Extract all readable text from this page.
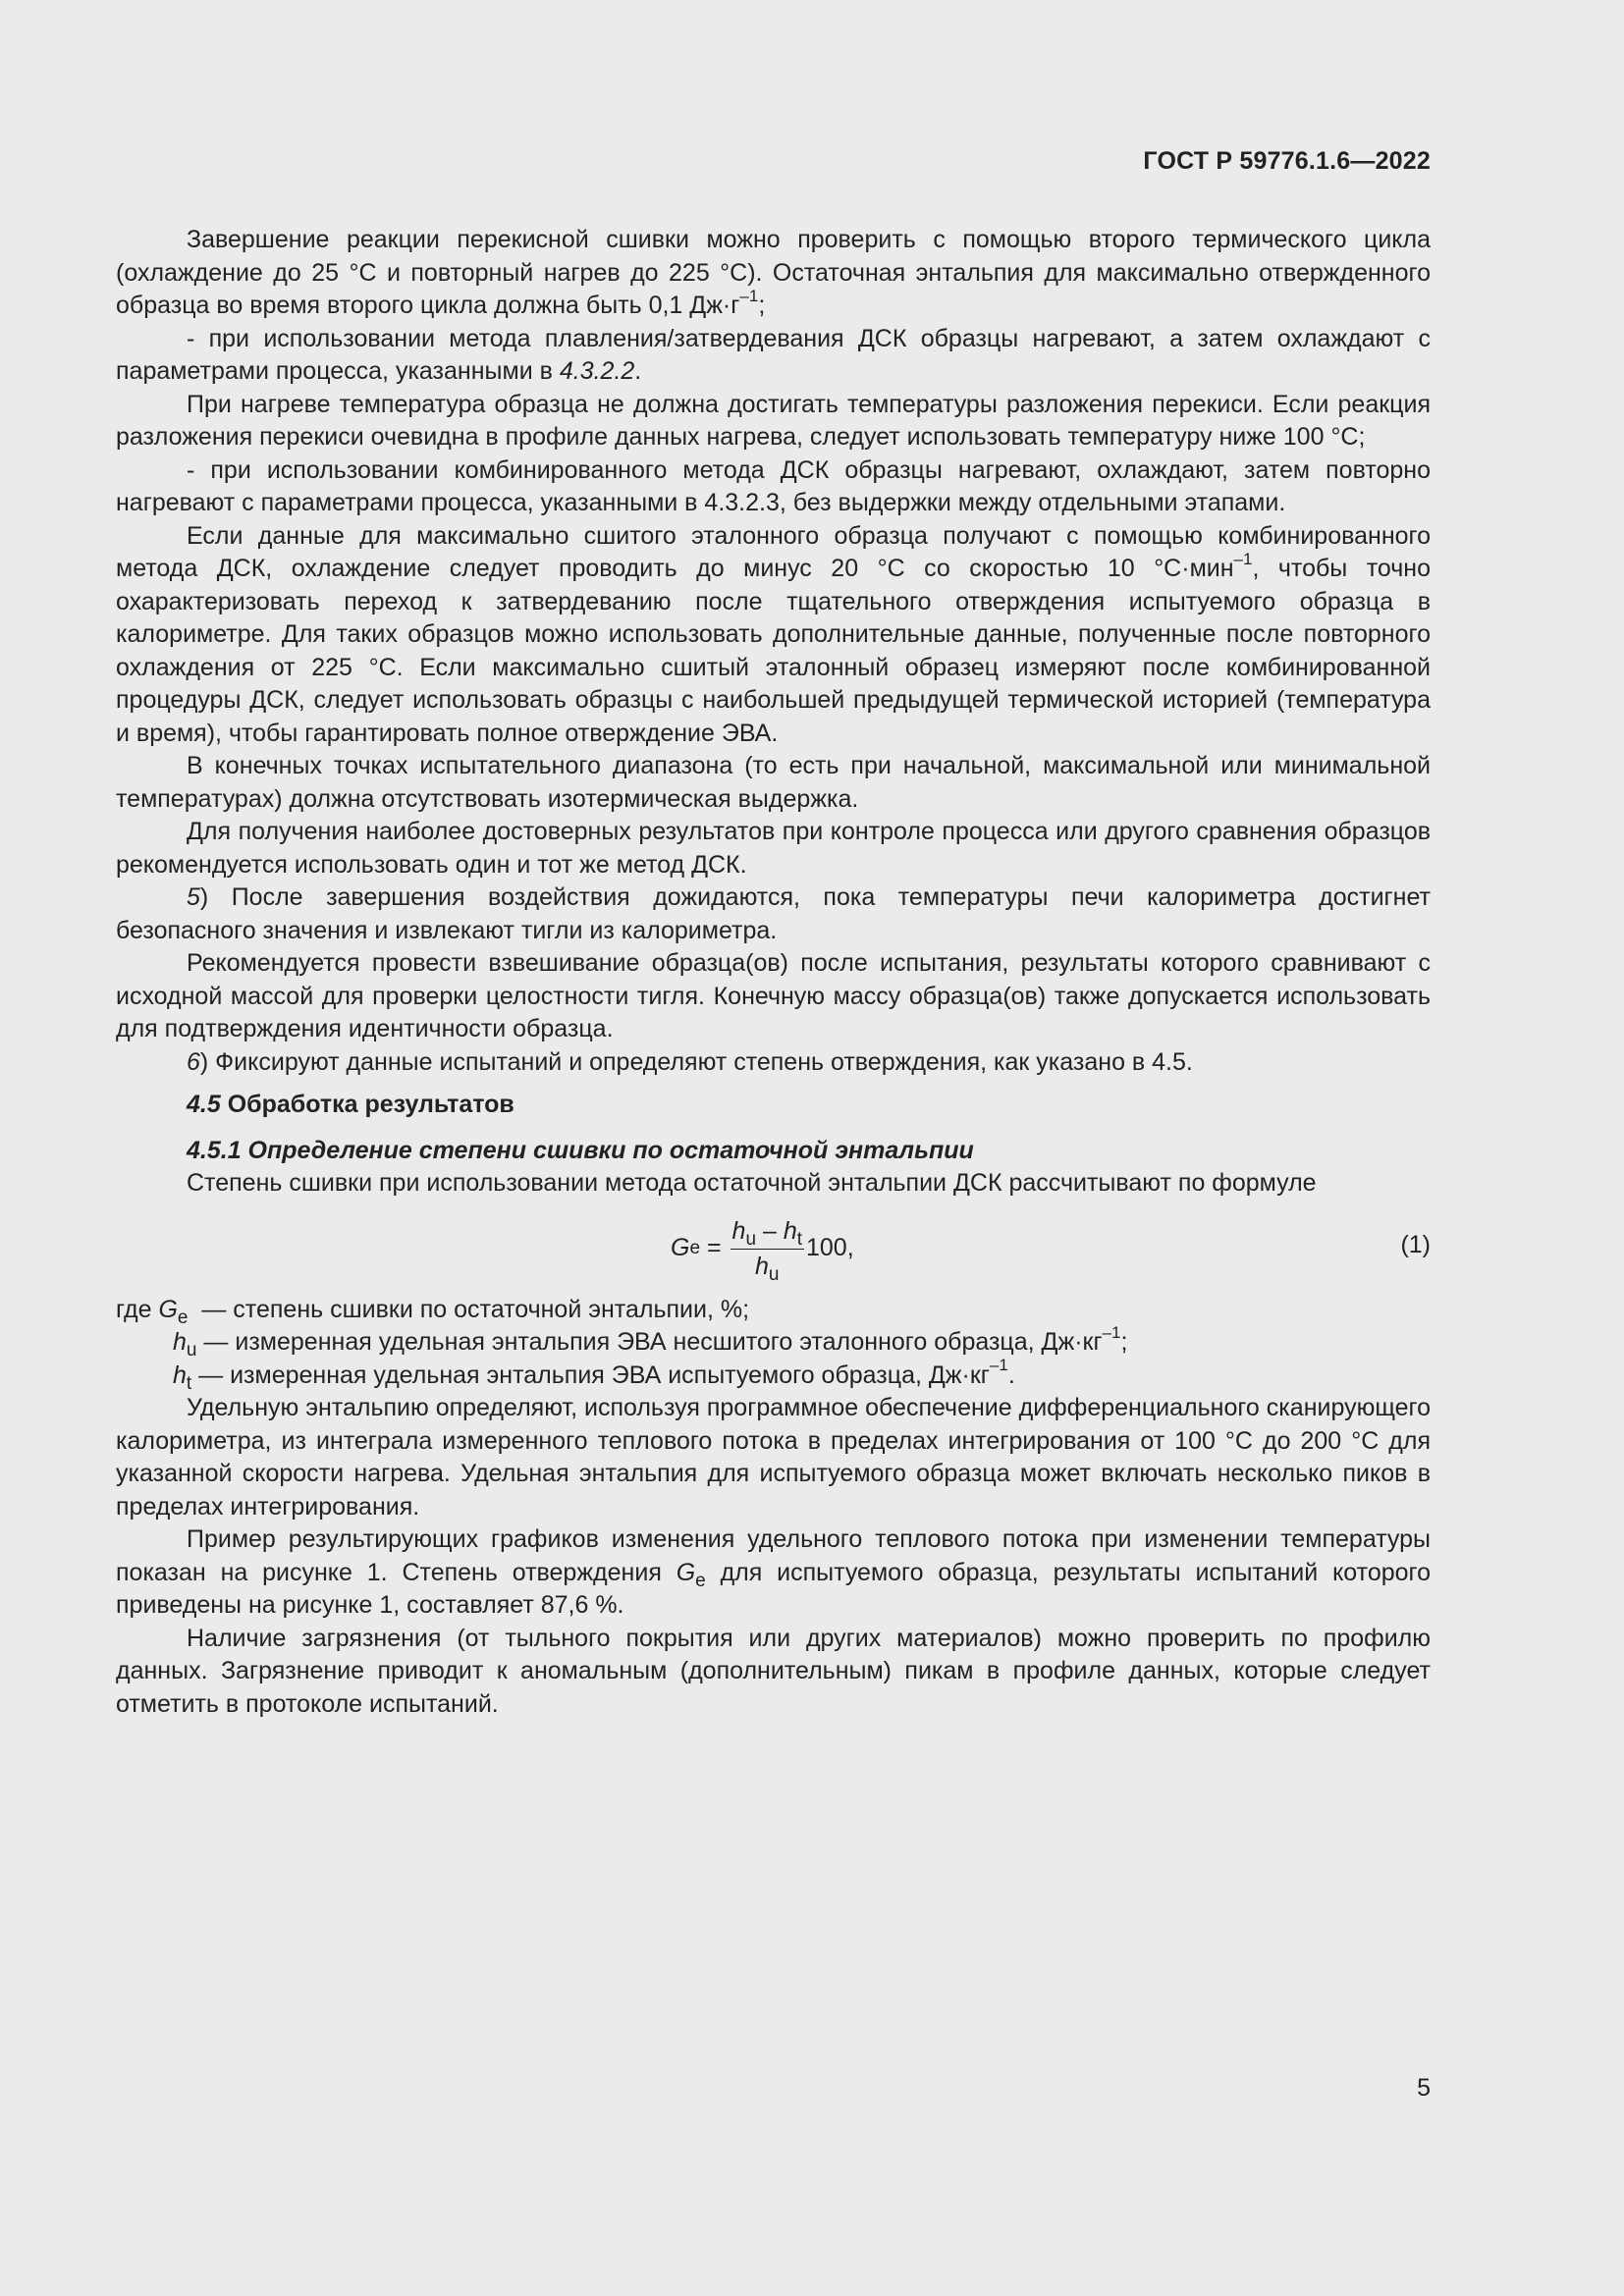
ГОСТ Р 59776.1.6—2022

Завершение реакции перекисной сшивки можно проверить с помощью второго термического цикла (охлаждение до 25 °С и повторный нагрев до 225 °С). Остаточная энтальпия для максимально отвержденного образца во время второго цикла должна быть 0,1 $Дж\cdot г^{-1}$;

- при использовании метода плавления/затвердевания ДСК образцы нагревают, а затем охлаждают с параметрами процесса, указанными в 4.3.2.2.

При нагреве температура образца не должна достигать температуры разложения перекиси. Если реакция разложения перекиси очевидна в профиле данных нагрева, следует использовать температуру ниже 100 °С;

- при использовании комбинированного метода ДСК образцы нагревают, охлаждают, затем повторно нагревают с параметрами процесса, указанными в 4.3.2.3, без выдержки между отдельными этапами.

Если данные для максимально сшитого эталонного образца получают с помощью комбинированного метода ДСК, охлаждение следует проводить до минус 20 °С со скоростью 10 °С·мин$^{-1}$, чтобы точно охарактеризовать переход к затвердеванию после тщательного отверждения испытуемого образца в калориметре. Для таких образцов можно использовать дополнительные данные, полученные после повторного охлаждения от 225 °С. Если максимально сшитый эталонный образец измеряют после комбинированной процедуры ДСК, следует использовать образцы с наибольшей предыдущей термической историей (температура и время), чтобы гарантировать полное отверждение ЭВА.

В конечных точках испытательного диапазона (то есть при начальной, максимальной или минимальной температурах) должна отсутствовать изотермическая выдержка.

Для получения наиболее достоверных результатов при контроле процесса или другого сравнения образцов рекомендуется использовать один и тот же метод ДСК.

5) После завершения воздействия дожидаются, пока температуры печи калориметра достигнет безопасного значения и извлекают тигли из калориметра.

Рекомендуется провести взвешивание образца(ов) после испытания, результаты которого сравнивают с исходной массой для проверки целостности тигля. Конечную массу образца(ов) также допускается использовать для подтверждения идентичности образца.

6) Фиксируют данные испытаний и определяют степень отверждения, как указано в 4.5.

4.5 Обработка результатов

4.5.1 Определение степени сшивки по остаточной энтальпии

Степень сшивки при использовании метода остаточной энтальпии ДСК рассчитывают по формуле

G $e = \frac{h_u - h_t}{h_u} 100$,	(1)

где $G_e$  — степень сшивки по остаточной энтальпии, %;

$h_u$ — измеренная удельная энтальпия ЭВА несшитого эталонного образца, $Дж\cdot кг^{-1}$;

$h_t$ — измеренная удельная энтальпия ЭВА испытуемого образца, $Дж\cdot кг^{-1}$.

Удельную энтальпию определяют, используя программное обеспечение дифференциального сканирующего калориметра, из интеграла измеренного теплового потока в пределах интегрирования от 100 °С до 200 °С для указанной скорости нагрева. Удельная энтальпия для испытуемого образца может включать несколько пиков в пределах интегрирования.

Пример результирующих графиков изменения удельного теплового потока при изменении температуры показан на рисунке 1. Степень отверждения $G_e$ для испытуемого образца, результаты испытаний которого приведены на рисунке 1, составляет 87,6 %.

Наличие загрязнения (от тыльного покрытия или других материалов) можно проверить по профилю данных. Загрязнение приводит к аномальным (дополнительным) пикам в профиле данных, которые следует отметить в протоколе испытаний.

5
